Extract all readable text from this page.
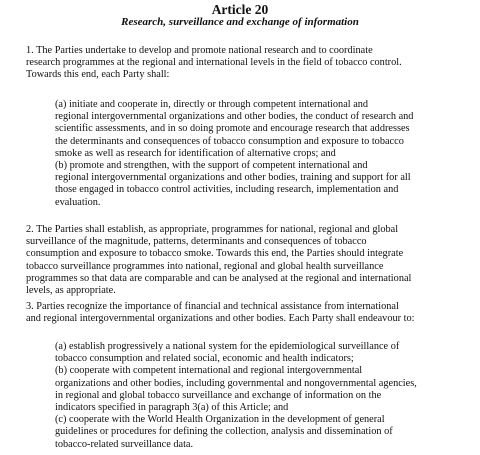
Article 20
Research, surveillance and exchange of information
1. The Parties undertake to develop and promote national research and to coordinate
research programmes at the regional and international levels in the field of tobacco control.
Towards this end, each Party shall:
(a) initiate and cooperate in, directly or through competent international and
regional intergovernmental organizations and other bodies, the conduct of research and
scientific assessments, and in so doing promote and encourage research that addresses
the determinants and consequences of tobacco consumption and exposure to tobacco
smoke as well as research for identification of alternative crops; and
(b) promote and strengthen, with the support of competent international and
regional intergovernmental organizations and other bodies, training and support for all
those engaged in tobacco control activities, including research, implementation and
evaluation.
2. The Parties shall establish, as appropriate, programmes for national, regional and global
surveillance of the magnitude, patterns, determinants and consequences of tobacco
consumption and exposure to tobacco smoke. Towards this end, the Parties should integrate
tobacco surveillance programmes into national, regional and global health surveillance
programmes so that data are comparable and can be analysed at the regional and international
levels, as appropriate.
3. Parties recognize the importance of financial and technical assistance from international
and regional intergovernmental organizations and other bodies. Each Party shall endeavour to:
(a) establish progressively a national system for the epidemiological surveillance of
tobacco consumption and related social, economic and health indicators;
(b) cooperate with competent international and regional intergovernmental
organizations and other bodies, including governmental and nongovernmental agencies,
in regional and global tobacco surveillance and exchange of information on the
indicators specified in paragraph 3(a) of this Article; and
(c) cooperate with the World Health Organization in the development of general
guidelines or procedures for defining the collection, analysis and dissemination of
tobacco-related surveillance data.
